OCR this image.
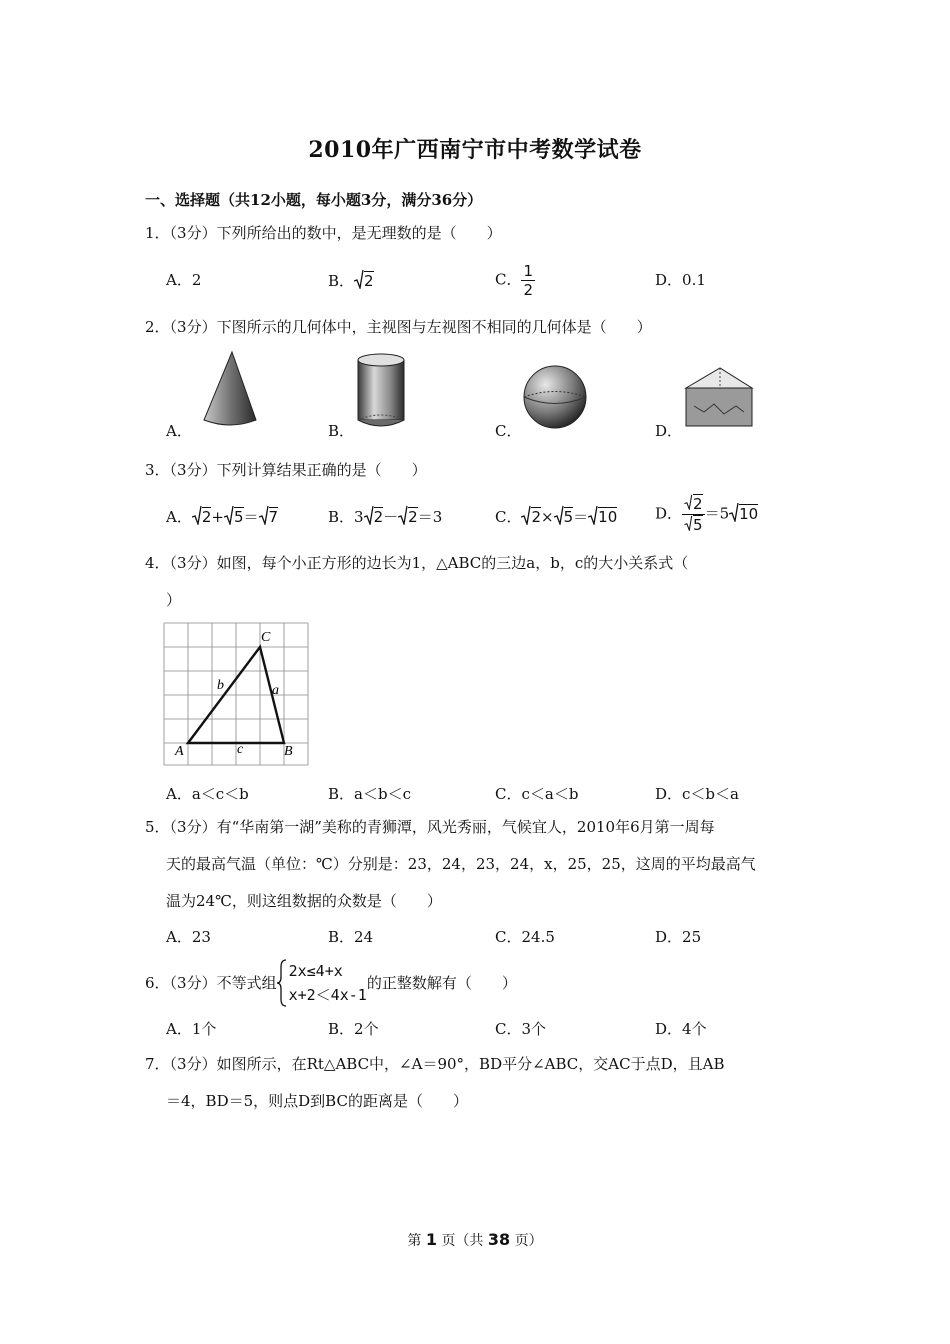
2010年广西南宁市中考数学试卷
一、选择题（共12小题，每小题3分，满分36分）
1．（3分）下列所给出的数中，是无理数的是（　　）
A．2	B． 2	C． $\frac{1}{2}$	D．0.1
2．（3分）下图所示的几何体中，主视图与左视图不相同的几何体是（　　）
A．	B．	C．	D．
3．（3分）下列计算结果正确的是（　　）
A． 2+ 5＝ 7	B．3 2－ 2＝3	C． 2× 5＝ 10	D． $\frac{2}{5} =5$ 10
4．（3分）如图，每个小正方形的边长为1，△ABC的三边a，b，c的大小关系式（
）
A	B
C
a
b
c
A．a＜c＜b	B．a＜b＜c	C．c＜a＜b	D．c＜b＜a
5．（3分）有“华南第一湖”美称的青狮潭，风光秀丽，气候宜人，2010年6月第一周每
天的最高气温（单位：℃）分别是：23，24，23，24，x，25，25，这周的平均最高气
温为24℃，则这组数据的众数是（　　）
A．23	B．24	C．24.5	D．25
6．（3分）不等式组
2x≤4+x
x+2＜4x-1
的正整数解有（　　）
A．1个	B．2个	C．3个	D．4个
7．（3分）如图所示，在Rt△ABC中，∠A＝90°，BD平分∠ABC，交AC于点D，且AB
＝4，BD＝5，则点D到BC的距离是（　　）
第 1 页（共 38 页）
